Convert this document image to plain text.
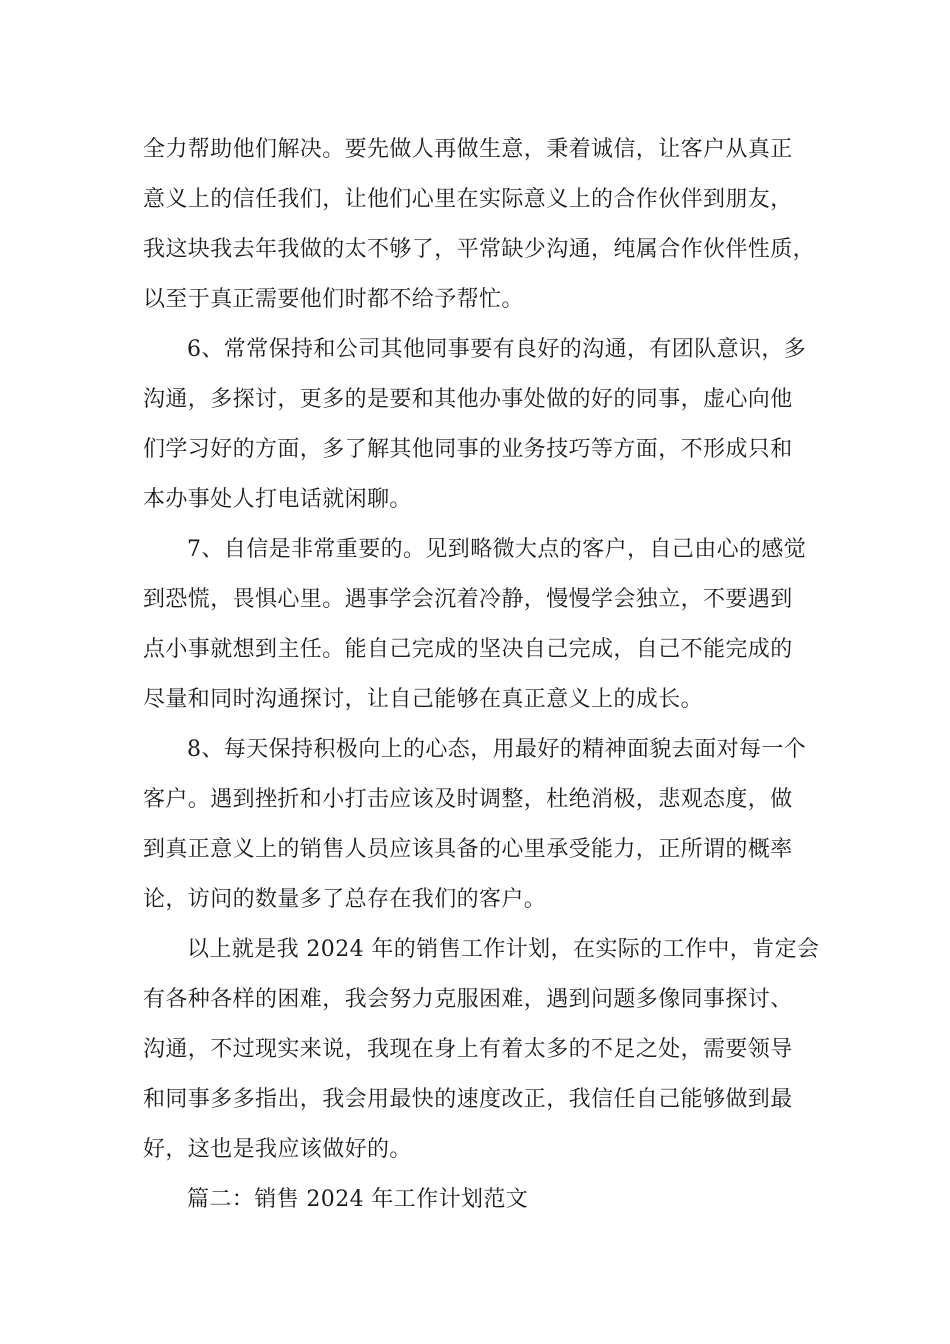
全力帮助他们解决。要先做人再做生意，秉着诚信，让客户从真正
意义上的信任我们，让他们心里在实际意义上的合作伙伴到朋友，
我这块我去年我做的太不够了，平常缺少沟通，纯属合作伙伴性质，
以至于真正需要他们时都不给予帮忙。
6、常常保持和公司其他同事要有良好的沟通，有团队意识，多
沟通，多探讨，更多的是要和其他办事处做的好的同事，虚心向他
们学习好的方面，多了解其他同事的业务技巧等方面，不形成只和
本办事处人打电话就闲聊。
7、自信是非常重要的。见到略微大点的客户，自己由心的感觉
到恐慌，畏惧心里。遇事学会沉着冷静，慢慢学会独立，不要遇到
点小事就想到主任。能自己完成的坚决自己完成，自己不能完成的
尽量和同时沟通探讨，让自己能够在真正意义上的成长。
8、每天保持积极向上的心态，用最好的精神面貌去面对每一个
客户。遇到挫折和小打击应该及时调整，杜绝消极，悲观态度，做
到真正意义上的销售人员应该具备的心里承受能力，正所谓的概率
论，访问的数量多了总存在我们的客户。
以上就是我 2024 年的销售工作计划，在实际的工作中，肯定会
有各种各样的困难，我会努力克服困难，遇到问题多像同事探讨、
沟通，不过现实来说，我现在身上有着太多的不足之处，需要领导
和同事多多指出，我会用最快的速度改正，我信任自己能够做到最
好，这也是我应该做好的。
篇二：销售 2024 年工作计划范文
